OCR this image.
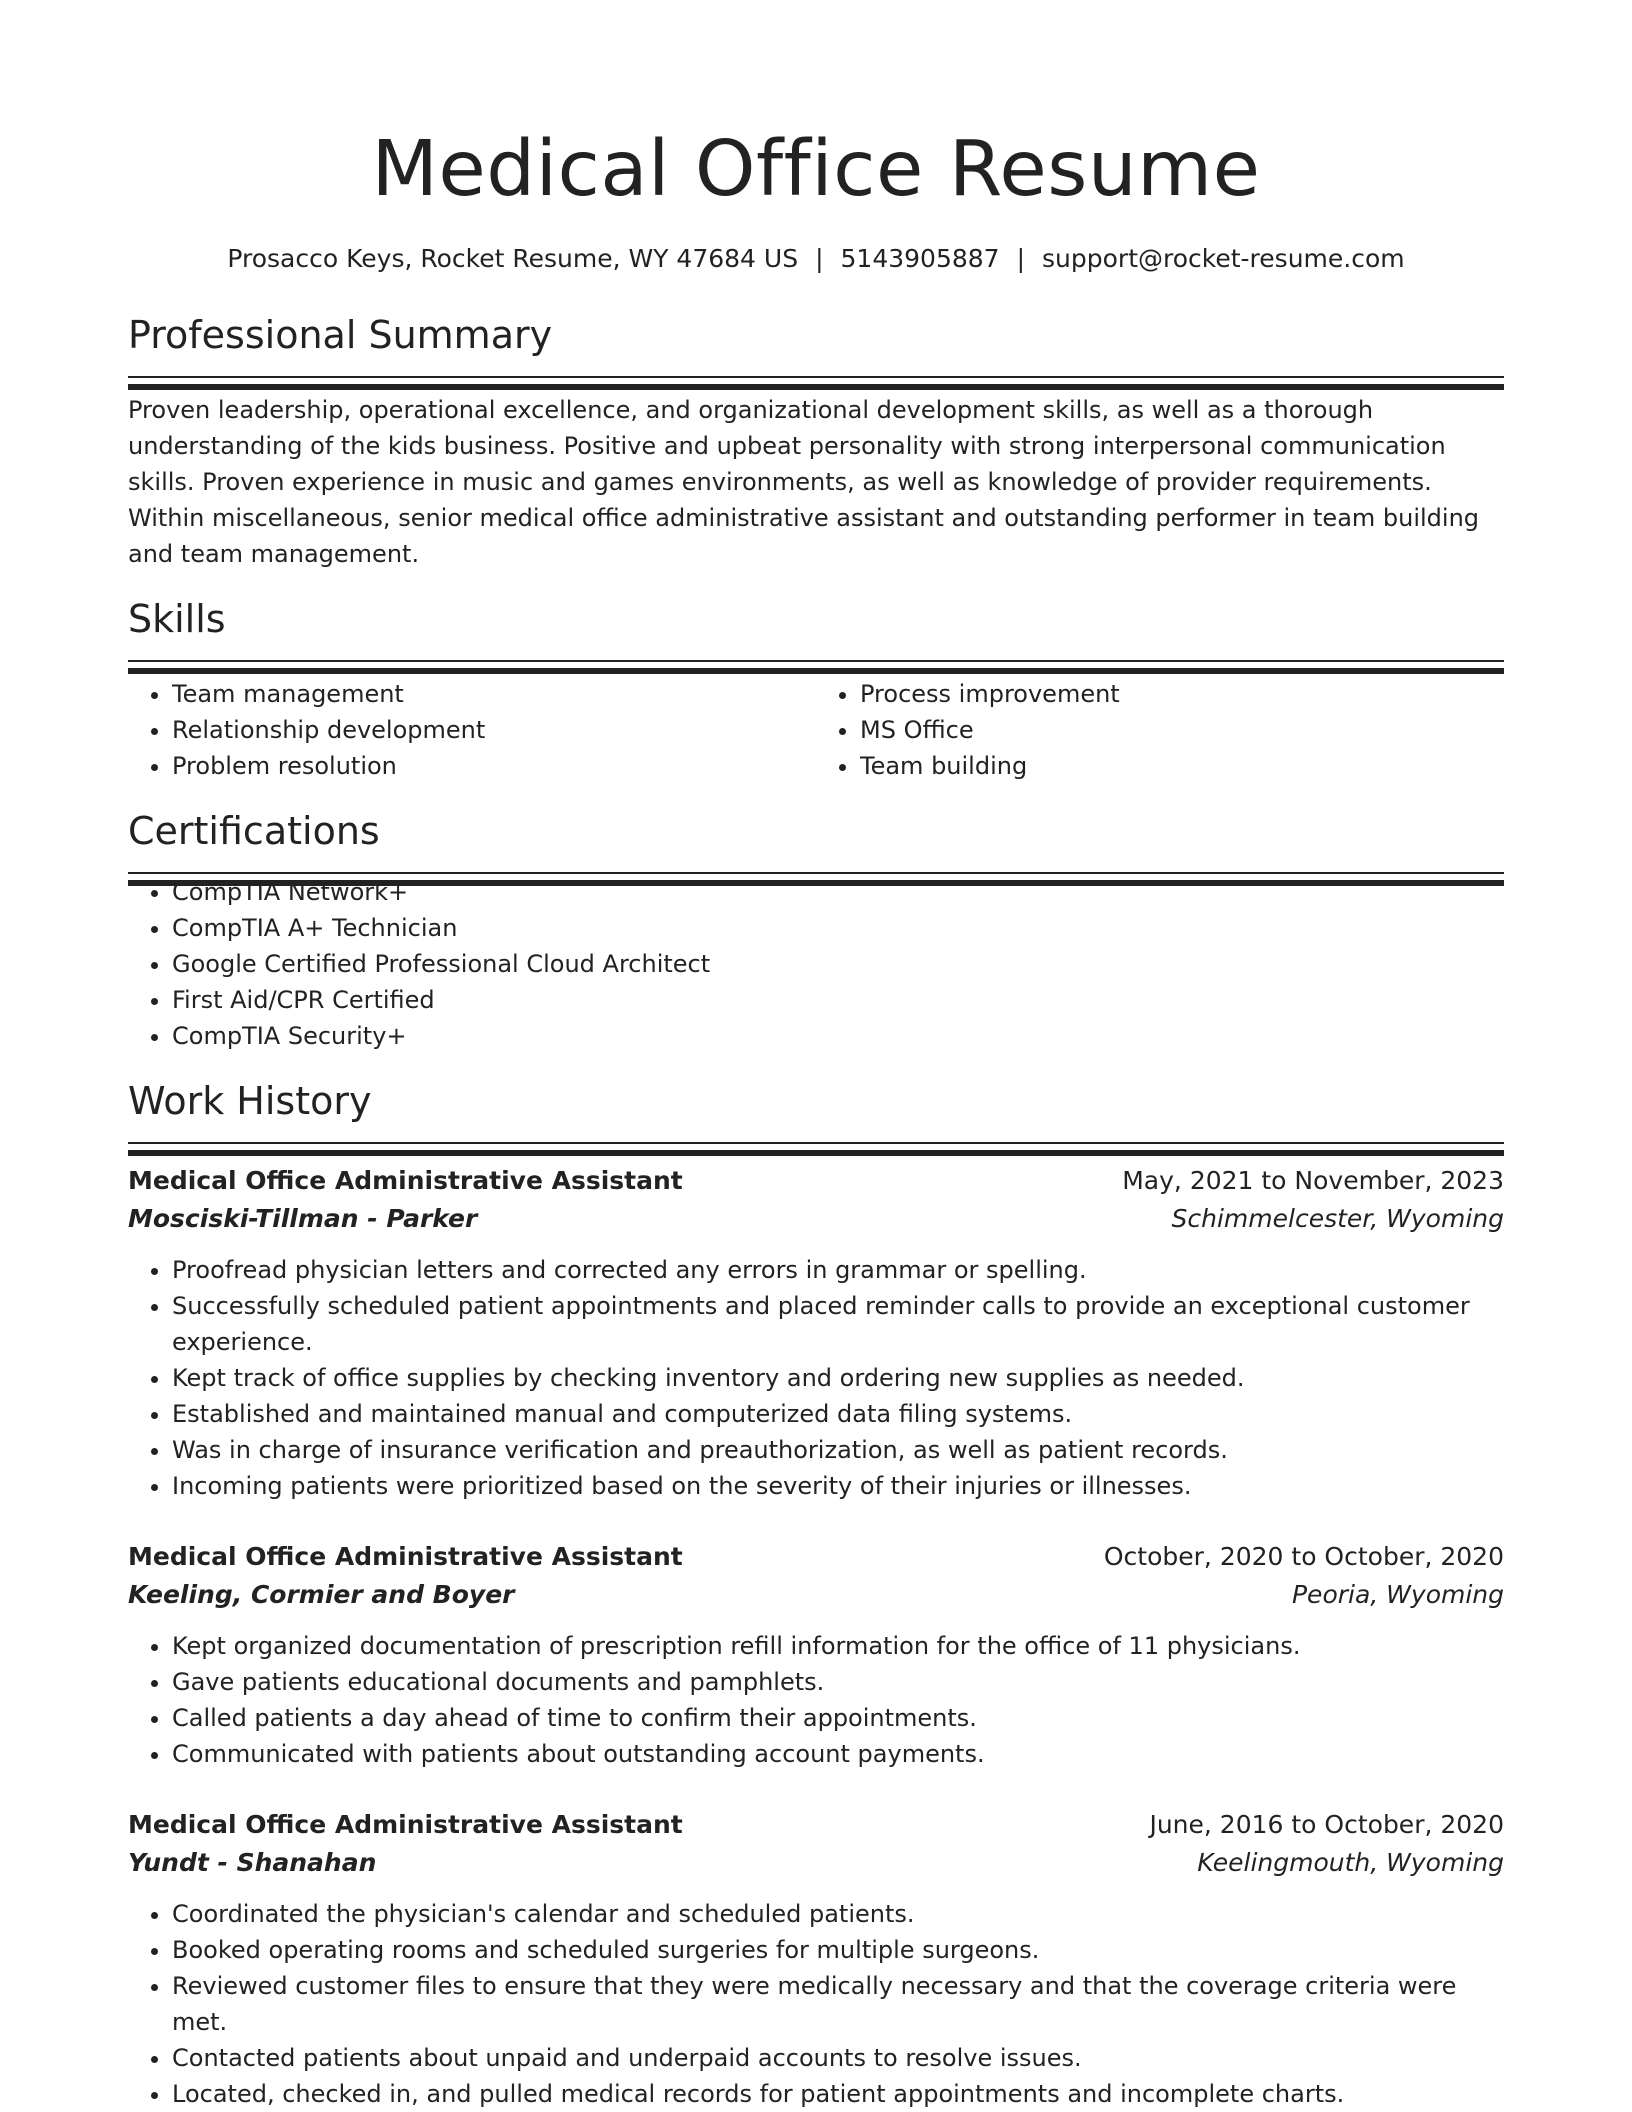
Medical Office Resume
Prosacco Keys, Rocket Resume, WY 47684 US | 5143905887 | support@rocket-resume.com
Professional Summary

Proven leadership, operational excellence, and organizational development skills, as well as a thorough understanding of the kids business. Positive and upbeat personality with strong interpersonal communication skills. Proven experience in music and games environments, as well as knowledge of provider requirements. Within miscellaneous, senior medical office administrative assistant and outstanding performer in team building and team management.

Skills
• Team management
• Relationship development
• Problem resolution
• Process improvement
• MS Office
• Team building
Certifications
• CompTIA Network+
• CompTIA A+ Technician
• Google Certified Professional Cloud Architect
• First Aid/CPR Certified
• CompTIA Security+
Work History
Medical Office Administrative Assistant	May, 2021 to November, 2023
Mosciski-Tillman - Parker	Schimmelcester, Wyoming
• Proofread physician letters and corrected any errors in grammar or spelling.
• Successfully scheduled patient appointments and placed reminder calls to provide an exceptional customer experience.
• Kept track of office supplies by checking inventory and ordering new supplies as needed.
• Established and maintained manual and computerized data filing systems.
• Was in charge of insurance verification and preauthorization, as well as patient records.
• Incoming patients were prioritized based on the severity of their injuries or illnesses.
Medical Office Administrative Assistant	October, 2020 to October, 2020
Keeling, Cormier and Boyer	Peoria, Wyoming
• Kept organized documentation of prescription refill information for the office of 11 physicians.
• Gave patients educational documents and pamphlets.
• Called patients a day ahead of time to confirm their appointments.
• Communicated with patients about outstanding account payments.
Medical Office Administrative Assistant	June, 2016 to October, 2020
Yundt - Shanahan	Keelingmouth, Wyoming
• Coordinated the physician's calendar and scheduled patients.
• Booked operating rooms and scheduled surgeries for multiple surgeons.
• Reviewed customer files to ensure that they were medically necessary and that the coverage criteria were met.
• Contacted patients about unpaid and underpaid accounts to resolve issues.
• Located, checked in, and pulled medical records for patient appointments and incomplete charts.
